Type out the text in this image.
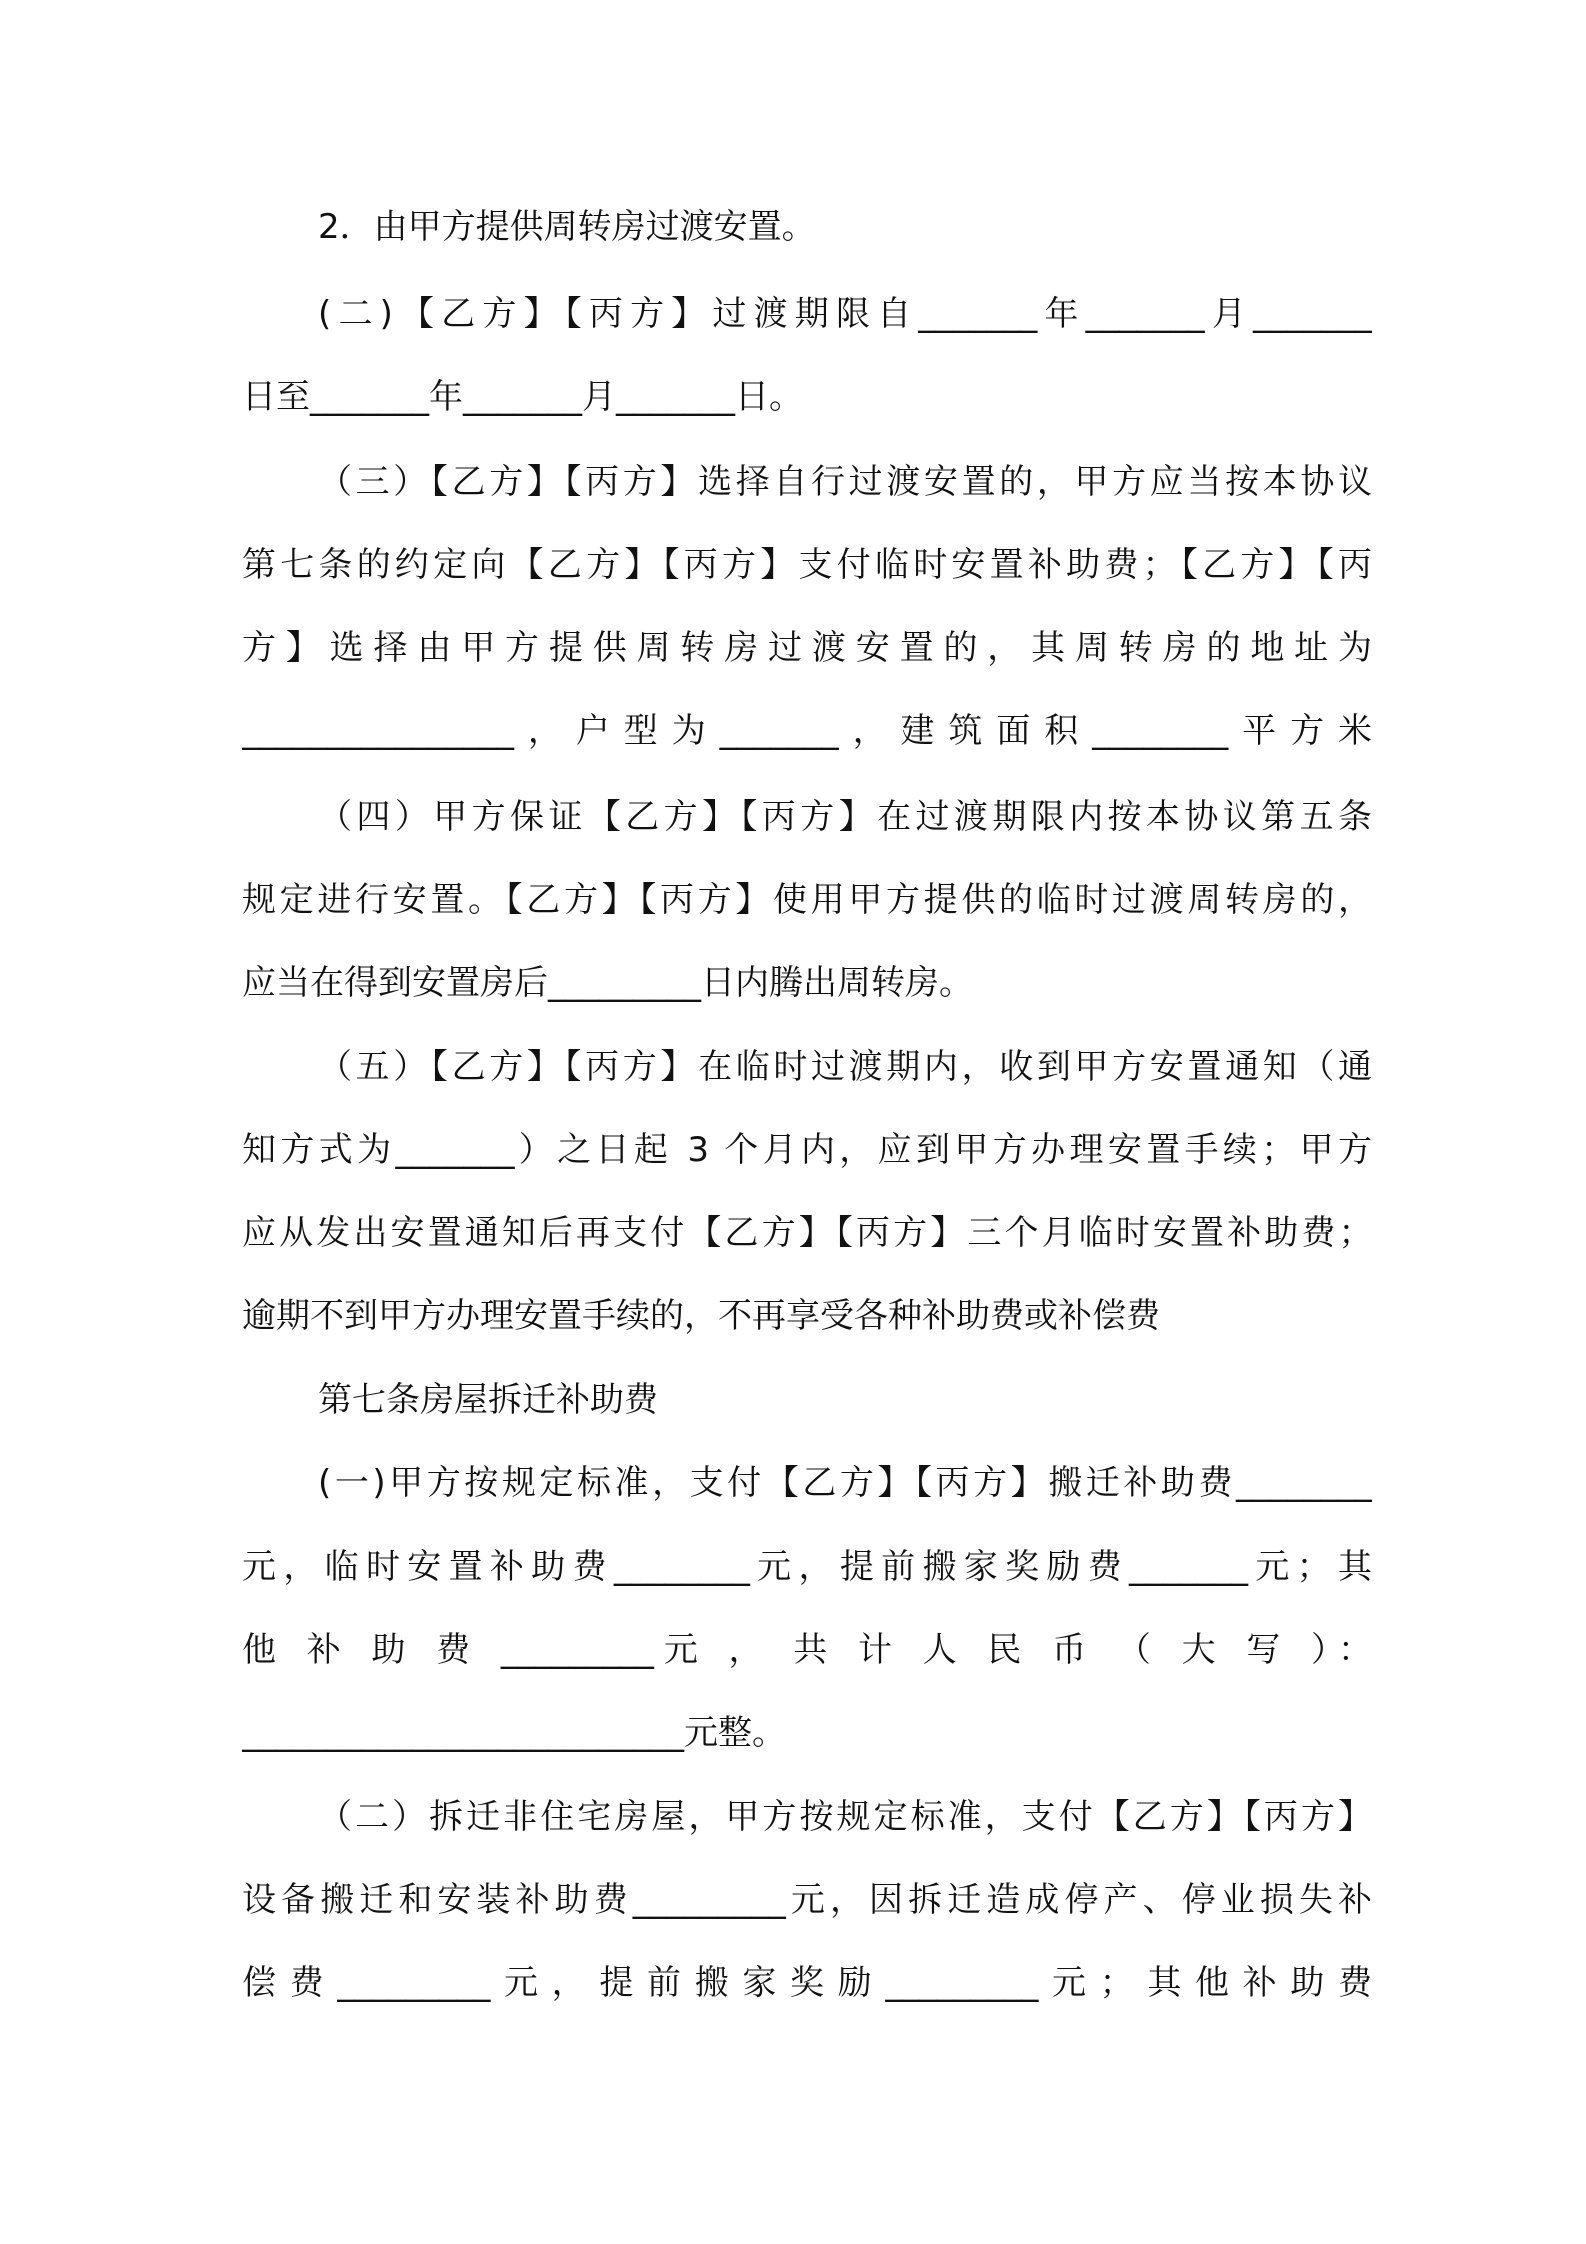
2．由甲方提供周转房过渡安置。
(二)【乙方】【丙方】过渡期限自_______年_______月_______
日至_______年_______月_______日。
（三）【乙方】【丙方】选择自行过渡安置的，甲方应当按本协议
第七条的约定向【乙方】【丙方】支付临时安置补助费；【乙方】【丙
方】选择由甲方提供周转房过渡安置的，其周转房的地址为
________________，户型为_______，建筑面积________平方米
（四）甲方保证【乙方】【丙方】在过渡期限内按本协议第五条
规定进行安置。【乙方】【丙方】使用甲方提供的临时过渡周转房的，
应当在得到安置房后_________日内腾出周转房。
（五）【乙方】【丙方】在临时过渡期内，收到甲方安置通知（通
知方式为_______）之日起 3 个月内，应到甲方办理安置手续；甲方
应从发出安置通知后再支付【乙方】【丙方】三个月临时安置补助费；
逾期不到甲方办理安置手续的，不再享受各种补助费或补偿费
第七条房屋拆迁补助费
(一)甲方按规定标准，支付【乙方】【丙方】搬迁补助费________
元，临时安置补助费________元，提前搬家奖励费_______元；其
他 补 助 费 _________元 ， 共 计 人 民 币 （ 大 写 ）：
__________________________元整。
（二）拆迁非住宅房屋，甲方按规定标准，支付【乙方】【丙方】
设备搬迁和安装补助费_________元，因拆迁造成停产、停业损失补
偿费_________元，提前搬家奖励_________元；其他补助费
